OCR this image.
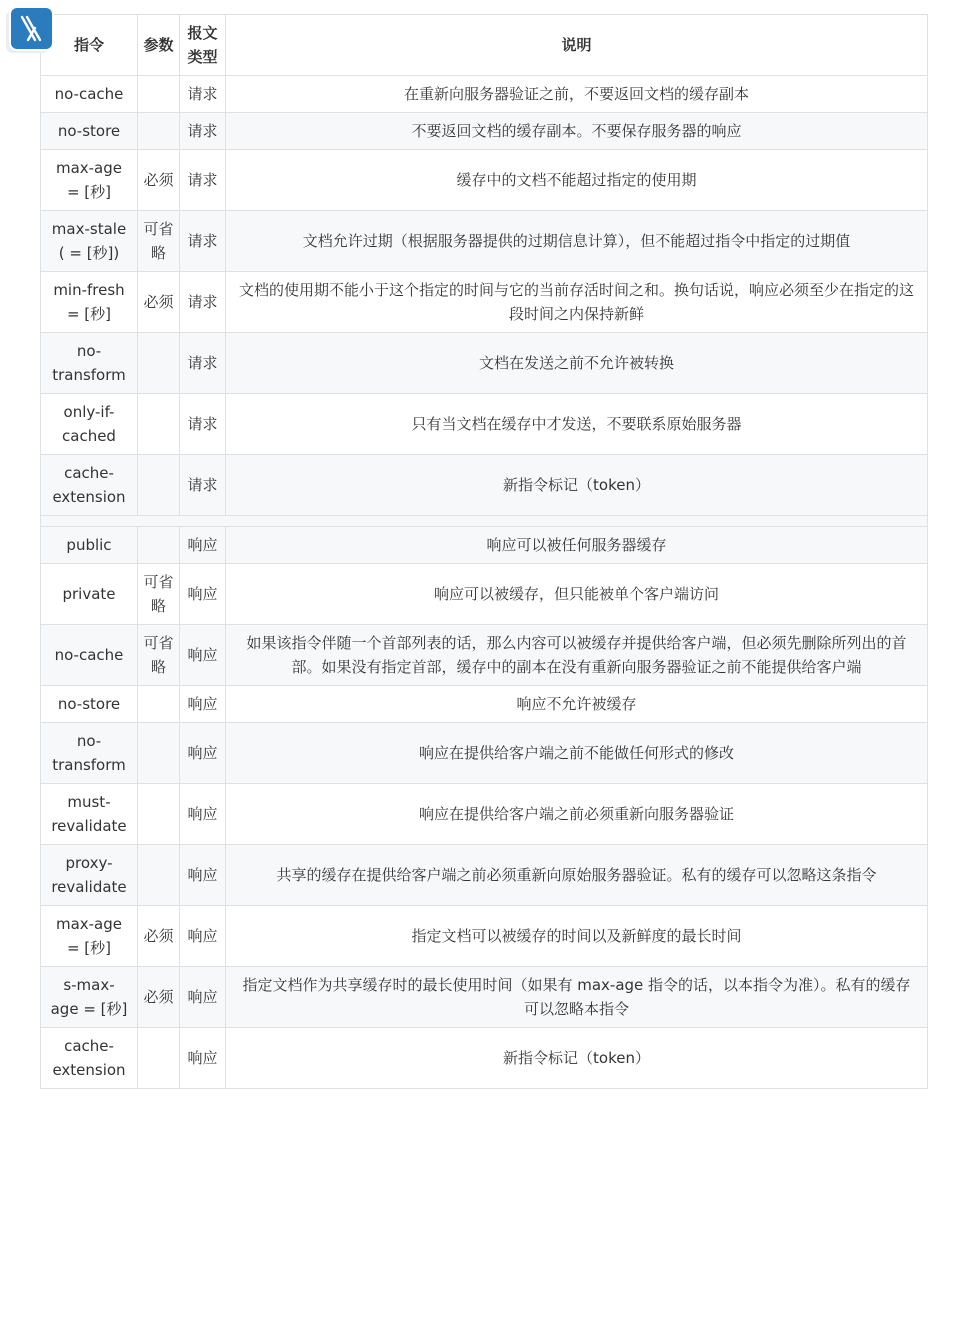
指令	参数	报文类型	说明
no-cache		请求	在重新向服务器验证之前，不要返回文档的缓存副本
no-store		请求	不要返回文档的缓存副本。不要保存服务器的响应
max-age = [秒]	必须	请求	缓存中的文档不能超过指定的使用期
max-stale ( = [秒])	可省略	请求	文档允许过期（根据服务器提供的过期信息计算），但不能超过指令中指定的过期值
min-fresh = [秒]	必须	请求	文档的使用期不能小于这个指定的时间与它的当前存活时间之和。换句话说，响应必须至少在指定的这段时间之内保持新鲜
no-transform		请求	文档在发送之前不允许被转换
only-if-cached		请求	只有当文档在缓存中才发送，不要联系原始服务器
cache-extension		请求	新指令标记（token）

public		响应	响应可以被任何服务器缓存
private	可省略	响应	响应可以被缓存，但只能被单个客户端访问
no-cache	可省略	响应	如果该指令伴随一个首部列表的话，那么内容可以被缓存并提供给客户端，但必须先删除所列出的首部。如果没有指定首部，缓存中的副本在没有重新向服务器验证之前不能提供给客户端
no-store		响应	响应不允许被缓存
no-transform		响应	响应在提供给客户端之前不能做任何形式的修改
must-revalidate		响应	响应在提供给客户端之前必须重新向服务器验证
proxy-revalidate		响应	共享的缓存在提供给客户端之前必须重新向原始服务器验证。私有的缓存可以忽略这条指令
max-age = [秒]	必须	响应	指定文档可以被缓存的时间以及新鲜度的最长时间
s-max-age = [秒]	必须	响应	指定文档作为共享缓存时的最长使用时间（如果有 max-age 指令的话，以本指令为准）。私有的缓存可以忽略本指令
cache-extension		响应	新指令标记（token）
